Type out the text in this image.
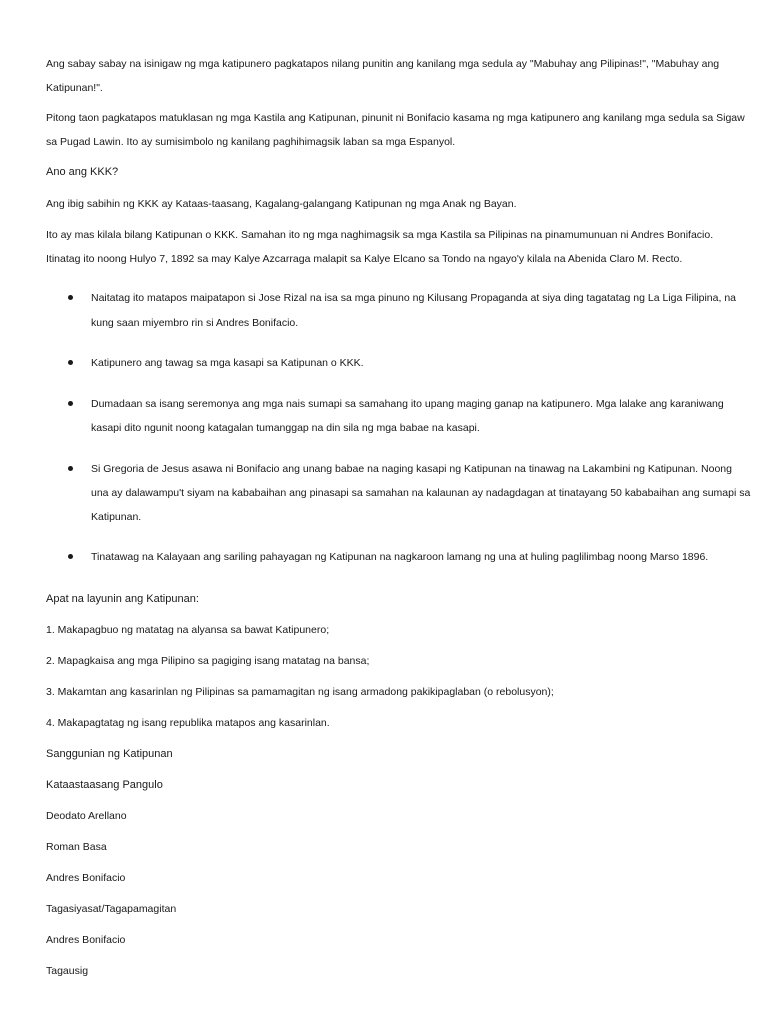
Ang sabay sabay na isinigaw ng mga katipunero pagkatapos nilang punitin ang kanilang mga sedula ay "Mabuhay ang Pilipinas!", "Mabuhay ang
Katipunan!".
Pitong taon pagkatapos matuklasan ng mga Kastila ang Katipunan, pinunit ni Bonifacio kasama ng mga katipunero ang kanilang mga sedula sa Sigaw
sa Pugad Lawin. Ito ay sumisimbolo ng kanilang paghihimagsik laban sa mga Espanyol.
Ano ang KKK?
Ang ibig sabihin ng KKK ay Kataas-taasang, Kagalang-galangang Katipunan ng mga Anak ng Bayan.
Ito ay mas kilala bilang Katipunan o KKK. Samahan ito ng mga naghimagsik sa mga Kastila sa Pilipinas na pinamumunuan ni Andres Bonifacio.
Itinatag ito noong Hulyo 7, 1892 sa may Kalye Azcarraga malapit sa Kalye Elcano sa Tondo na ngayo'y kilala na Abenida Claro M. Recto.
Naitatag ito matapos maipatapon si Jose Rizal na isa sa mga pinuno ng Kilusang Propaganda at siya ding tagatatag ng La Liga Filipina, na
kung saan miyembro rin si Andres Bonifacio.
Katipunero ang tawag sa mga kasapi sa Katipunan o KKK.
Dumadaan sa isang seremonya ang mga nais sumapi sa samahang ito upang maging ganap na katipunero. Mga lalake ang karaniwang
kasapi dito ngunit noong katagalan tumanggap na din sila ng mga babae na kasapi.
Si Gregoria de Jesus asawa ni Bonifacio ang unang babae na naging kasapi ng Katipunan na tinawag na Lakambini ng Katipunan. Noong
una ay dalawampu't siyam na kababaihan ang pinasapi sa samahan na kalaunan ay nadagdagan at tinatayang 50 kababaihan ang sumapi sa
Katipunan.
Tinatawag na Kalayaan ang sariling pahayagan ng Katipunan na nagkaroon lamang ng una at huling paglilimbag noong Marso 1896.
Apat na layunin ang Katipunan:
1. Makapagbuo ng matatag na alyansa sa bawat Katipunero;
2. Mapagkaisa ang mga Pilipino sa pagiging isang matatag na bansa;
3. Makamtan ang kasarinlan ng Pilipinas sa pamamagitan ng isang armadong pakikipaglaban (o rebolusyon);
4. Makapagtatag ng isang republika matapos ang kasarinlan.
Sanggunian ng Katipunan
Kataastaasang Pangulo
Deodato Arellano
Roman Basa
Andres Bonifacio
Tagasiyasat/Tagapamagitan
Andres Bonifacio
Tagausig
